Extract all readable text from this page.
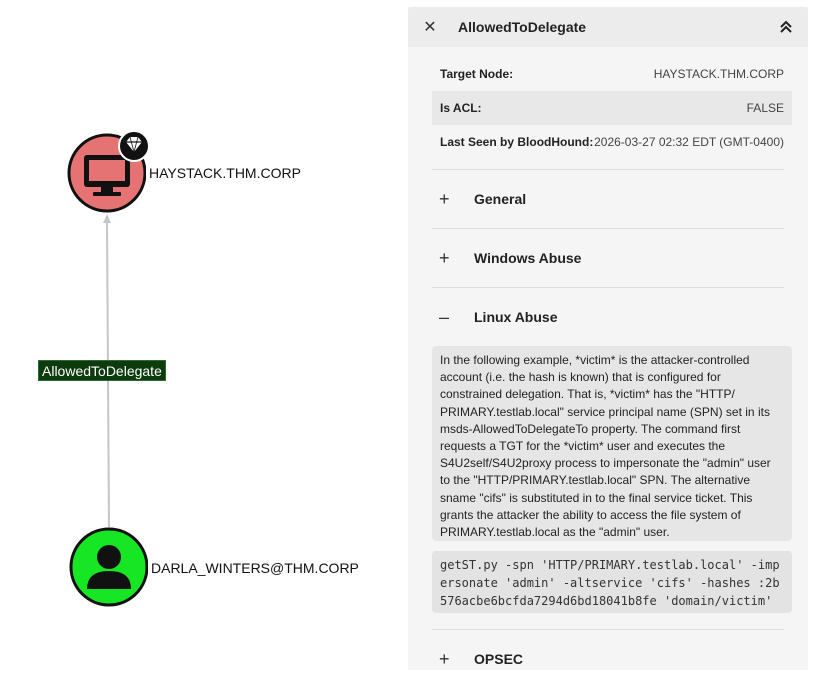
HAYSTACK.THM.CORP
DARLA_WINTERS@THM.CORP
AllowedToDelegate
✕	AllowedToDelegate
Target Node:	HAYSTACK.THM.CORP
Is ACL:	FALSE
Last Seen by BloodHound: 2026-03-27 02:32 EDT (GMT-0400)
+	General
+	Windows Abuse
–	Linux Abuse
In the following example, *victim* is the attacker-controlled account (i.e. the hash is known) that is configured for constrained delegation. That is, *victim* has the "HTTP/ PRIMARY.testlab.local" service principal name (SPN) set in its msds-AllowedToDelegateTo property. The command first requests a TGT for the *victim* user and executes the S4U2self/S4U2proxy process to impersonate the "admin" user to the "HTTP/PRIMARY.testlab.local" SPN. The alternative sname "cifs" is substituted in to the final service ticket. This grants the attacker the ability to access the file system of PRIMARY.testlab.local as the "admin" user.
getST.py -spn 'HTTP/PRIMARY.testlab.local' -impersonate 'admin' -altservice 'cifs' -hashes :2b576acbe6bcfda7294d6bd18041b8fe 'domain/victim'
+	OPSEC
